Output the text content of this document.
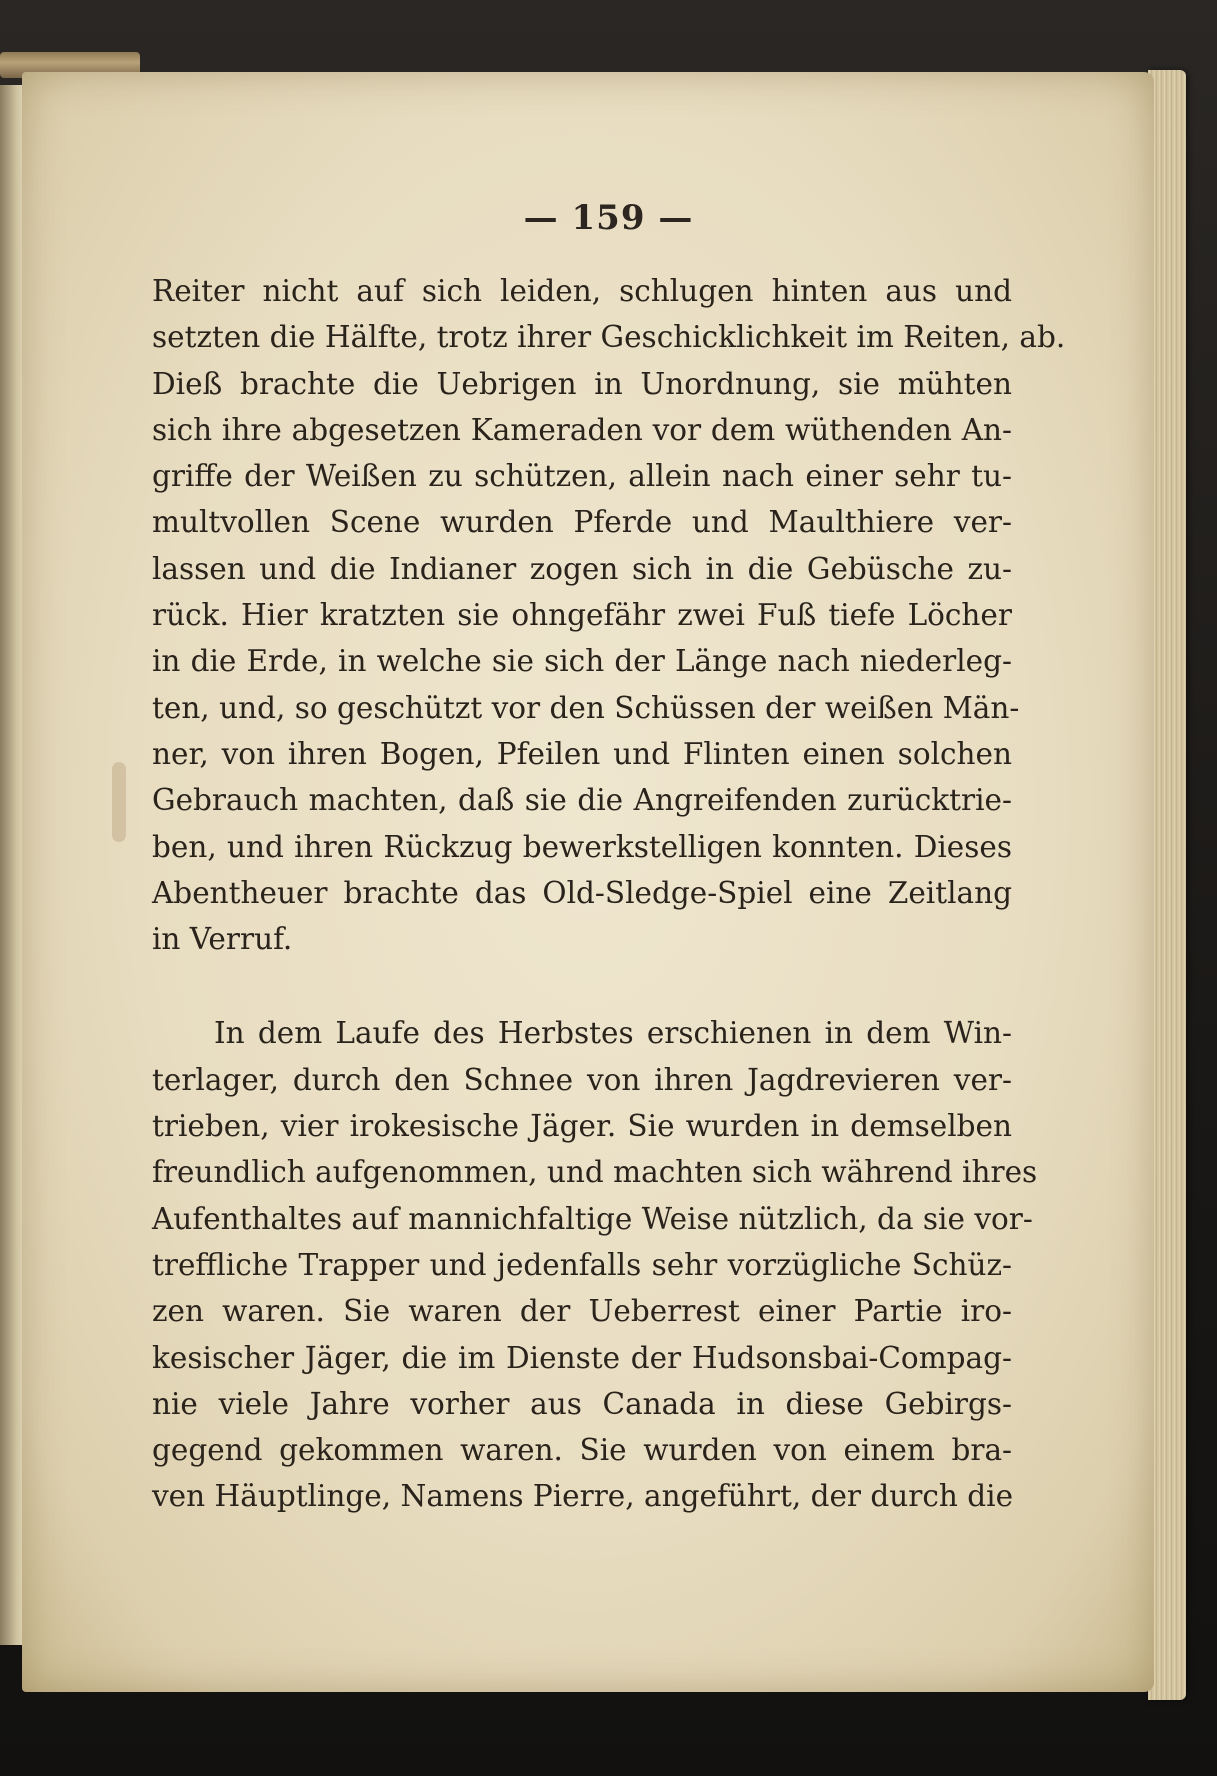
— 159 —
Reiter nicht auf sich leiden, schlugen hinten aus und
setzten die Hälfte, trotz ihrer Geschicklichkeit im Reiten, ab.
Dieß brachte die Uebrigen in Unordnung, sie mühten
sich ihre abgesetzen Kameraden vor dem wüthenden An-
griffe der Weißen zu schützen, allein nach einer sehr tu-
multvollen Scene wurden Pferde und Maulthiere ver-
lassen und die Indianer zogen sich in die Gebüsche zu-
rück. Hier kratzten sie ohngefähr zwei Fuß tiefe Löcher
in die Erde, in welche sie sich der Länge nach niederleg-
ten, und, so geschützt vor den Schüssen der weißen Män-
ner, von ihren Bogen, Pfeilen und Flinten einen solchen
Gebrauch machten, daß sie die Angreifenden zurücktrie-
ben, und ihren Rückzug bewerkstelligen konnten. Dieses
Abentheuer brachte das Old-Sledge-Spiel eine Zeitlang
in Verruf.
In dem Laufe des Herbstes erschienen in dem Win-
terlager, durch den Schnee von ihren Jagdrevieren ver-
trieben, vier irokesische Jäger. Sie wurden in demselben
freundlich aufgenommen, und machten sich während ihres
Aufenthaltes auf mannichfaltige Weise nützlich, da sie vor-
treffliche Trapper und jedenfalls sehr vorzügliche Schüz-
zen waren. Sie waren der Ueberrest einer Partie iro-
kesischer Jäger, die im Dienste der Hudsonsbai-Compag-
nie viele Jahre vorher aus Canada in diese Gebirgs-
gegend gekommen waren. Sie wurden von einem bra-
ven Häuptlinge, Namens Pierre, angeführt, der durch die
